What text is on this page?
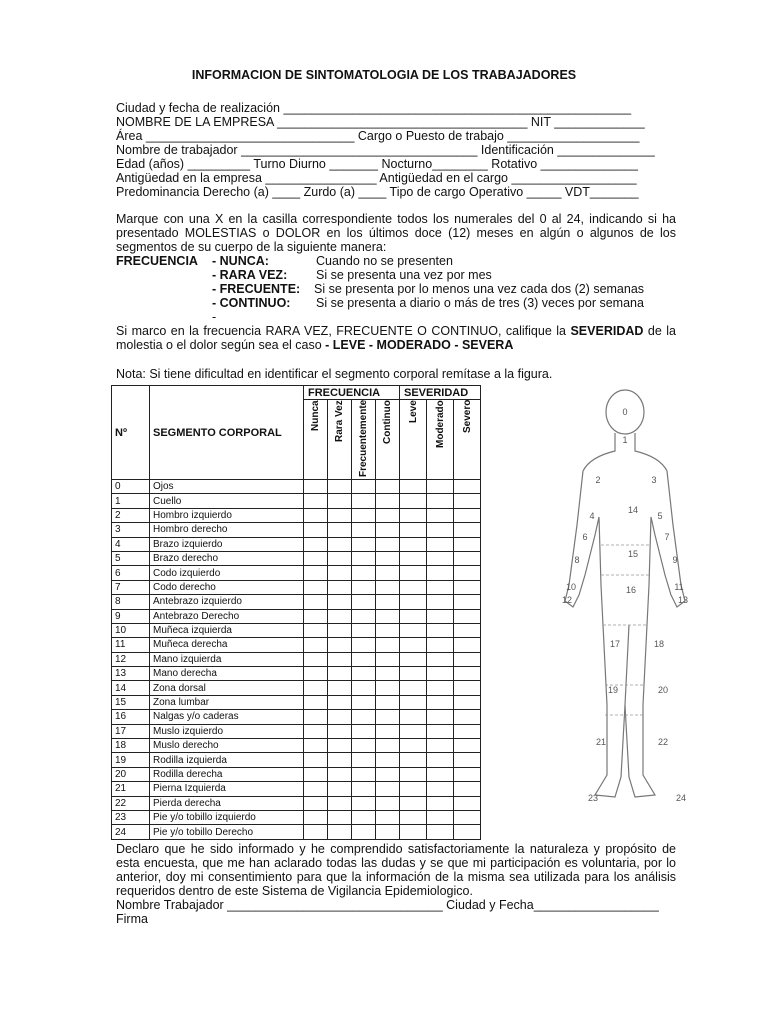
INFORMACION DE SINTOMATOLOGIA DE LOS TRABAJADORES
Ciudad y fecha de realización __________________________________________________
NOMBRE DE LA EMPRESA ____________________________________ NIT _____________
Área ______________________________ Cargo o Puesto de trabajo ___________________
Nombre de trabajador __________________________________ Identificación ______________
Edad (años) _________ Turno Diurno _______ Nocturno________ Rotativo ______________
Antigüedad en la empresa ________________ Antigüedad en el cargo __________________
Predominancia Derecho (a) ____ Zurdo (a) ____ Tipo de cargo Operativo _____ VDT_______
Marque con una X en la casilla correspondiente todos los numerales del 0 al 24, indicando si ha presentado MOLESTIAS o DOLOR en los últimos doce (12) meses en algún o algunos de los segmentos de su cuerpo de la siguiente manera:
FRECUENCIA - NUNCA:	Cuando no se presenten
- RARA VEZ: Si se presenta una vez por mes
- FRECUENTE: Si se presenta por lo menos una vez cada dos (2) semanas
- CONTINUO: Si se presenta a diario o más de tres (3) veces por semana
-
Si marco en la frecuencia RARA VEZ, FRECUENTE O CONTINUO, califique la SEVERIDAD de la molestia o el dolor según sea el caso - LEVE - MODERADO - SEVERA
Nota: Si tiene dificultad en identificar el segmento corporal remítase a la figura.
Nº	SEGMENTO CORPORAL	FRECUENCIA				SEVERIDAD		

		Nunca	Rara Vez	Frecuentemente	Continuo	Leve	Moderado	Severo

0	Ojos							
1	Cuello							
2	Hombro izquierdo							
3	Hombro derecho							
4	Brazo izquierdo							
5	Brazo derecho							
6	Codo izquierdo							
7	Codo derecho							
8	Antebrazo izquierdo							
9	Antebrazo Derecho							
10	Muñeca izquierda							
11	Muñeca derecha							
12	Mano izquierda							
13	Mano derecha							
14	Zona dorsal							
15	Zona lumbar							
16	Nalgas y/o caderas							
17	Muslo izquierdo							
18	Muslo derecho							
19	Rodilla izquierda							
20	Rodilla derecha							
21	Pierna Izquierda							
22	Pierda derecha							
23	Pie y/o tobillo izquierdo							
24	Pie y/o tobillo Derecho							
0
1
2	3
4	5
6	7
8	9
10	11
12	13
14
15
16
17	18
19	20
21	22
23	24
Declaro que he sido informado y he comprendido satisfactoriamente la naturaleza y propósito de esta encuesta, que me han aclarado todas las dudas y se que mi participación es voluntaria, por lo anterior, doy mi consentimiento para que la información de la misma sea utilizada para los análisis requeridos dentro de este Sistema de Vigilancia Epidemiologico.
Nombre Trabajador _______________________________ Ciudad y Fecha__________________
Firma
